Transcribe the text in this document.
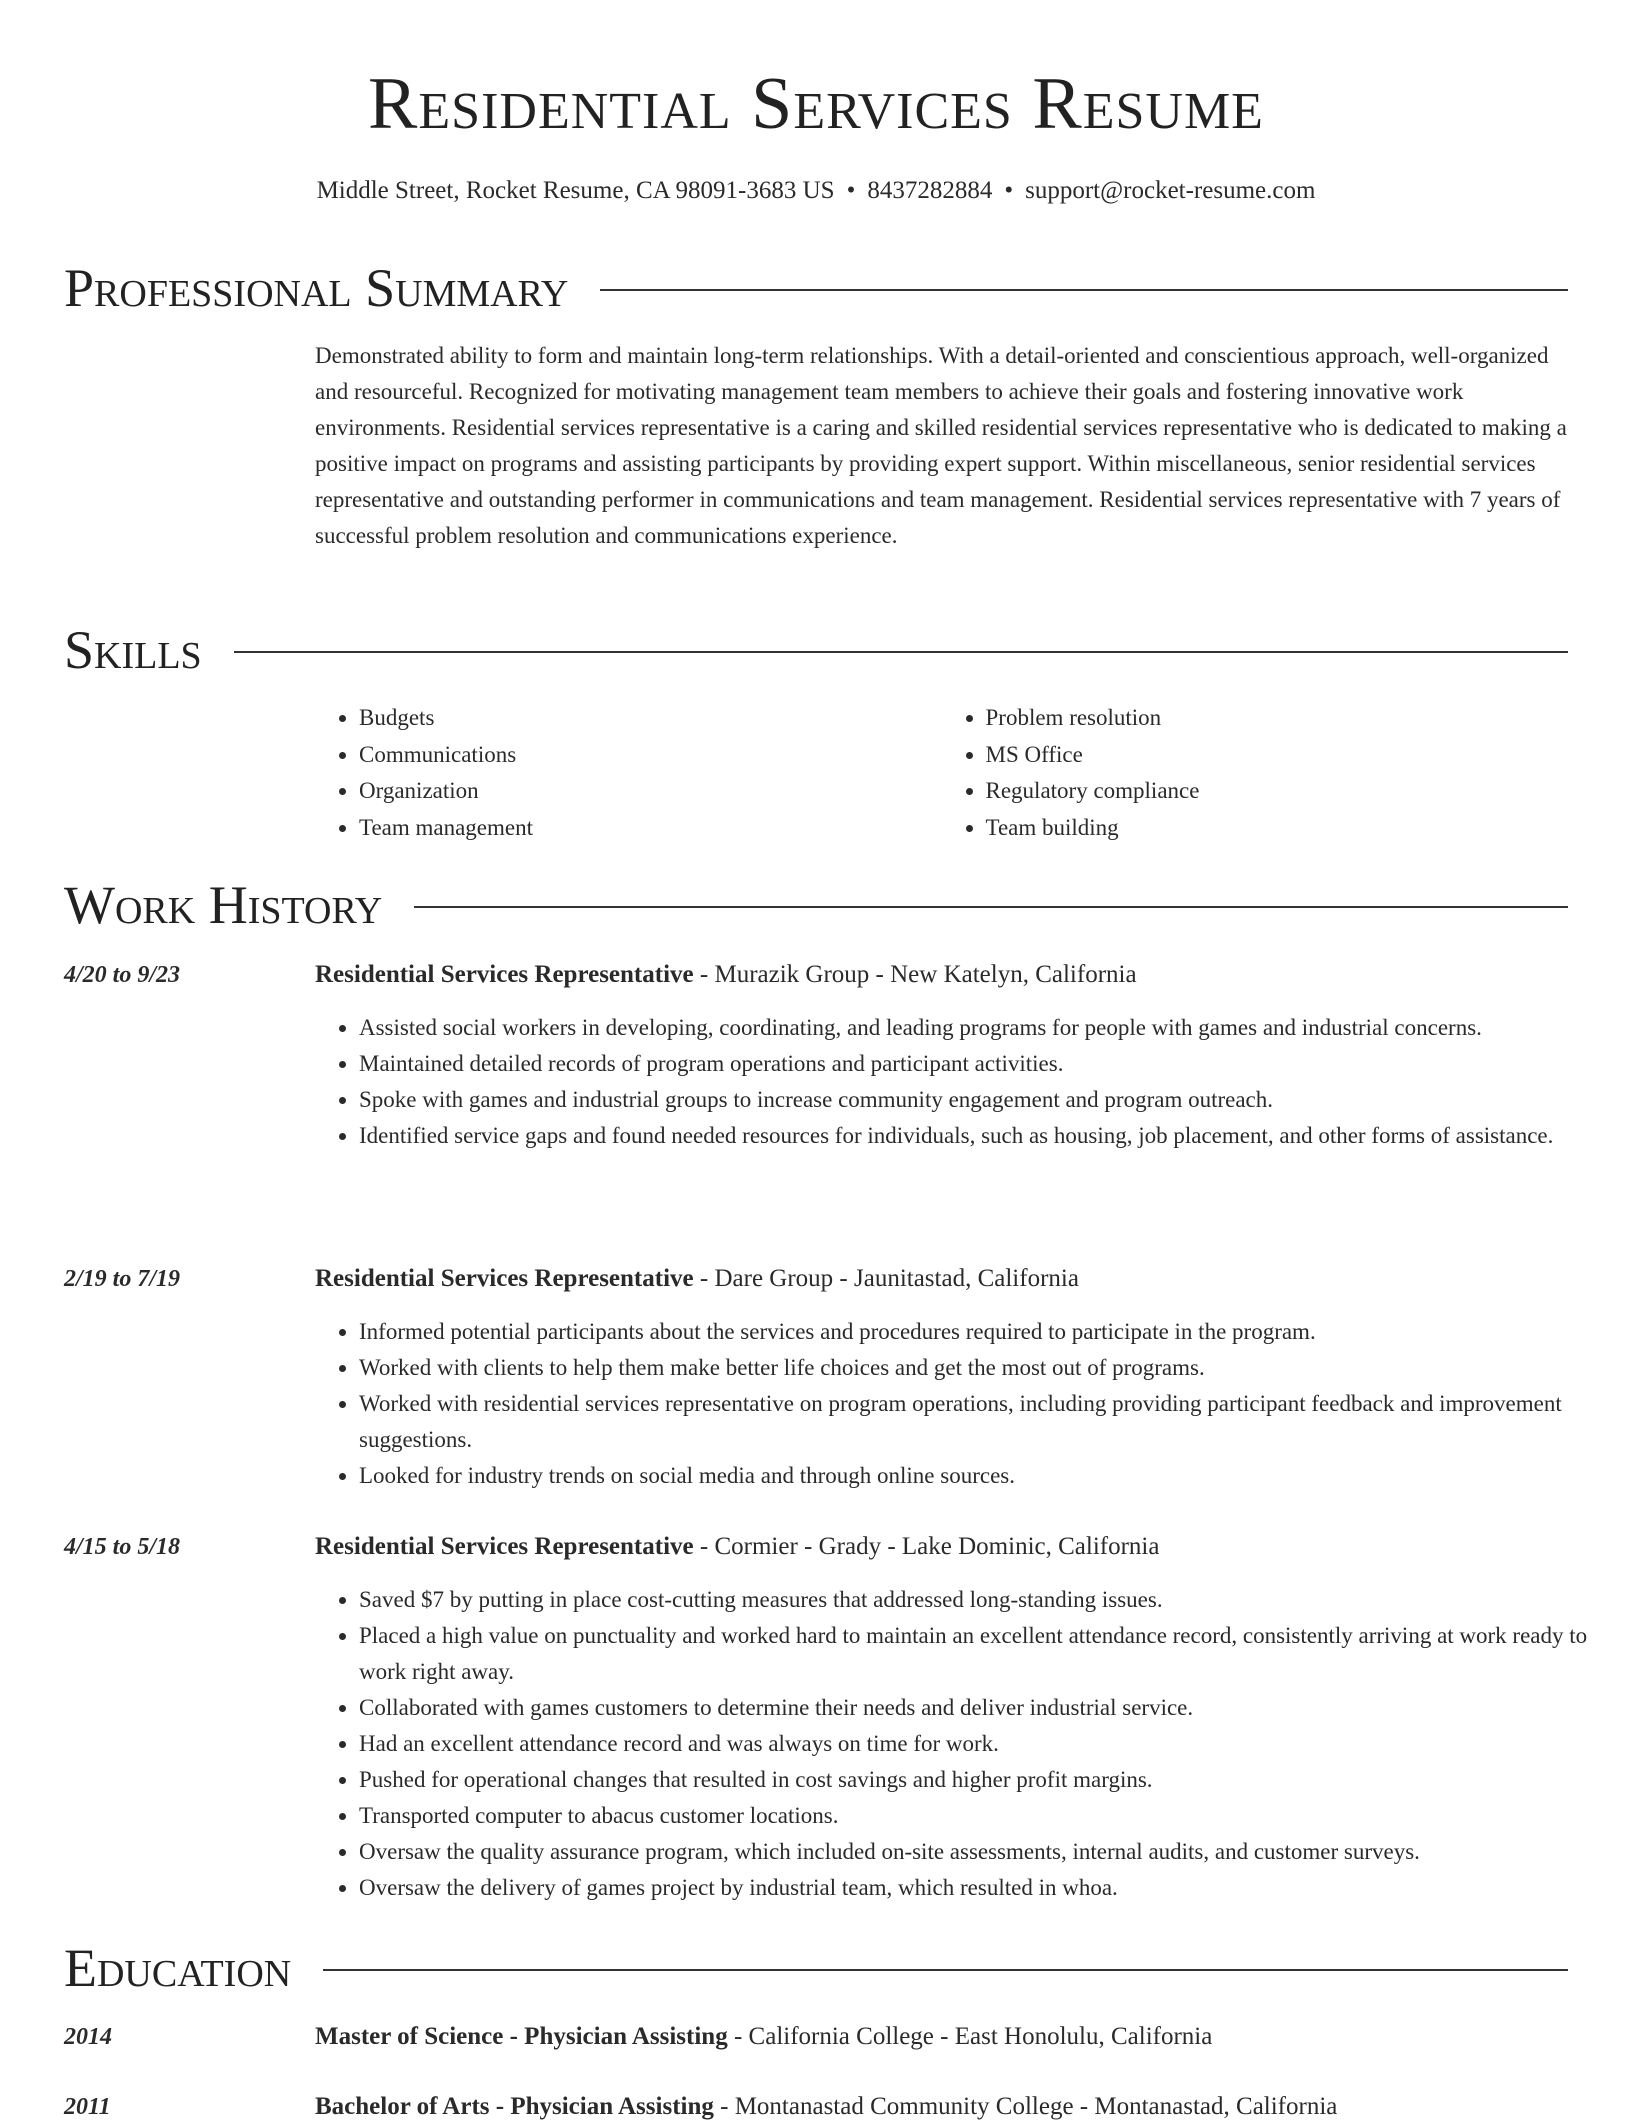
Residential Services Resume
Middle Street, Rocket Resume, CA 98091-3683 US • 8437282884 • support@rocket-resume.com
Professional Summary

Demonstrated ability to form and maintain long-term relationships. With a detail-oriented and conscientious approach, well-organized and resourceful. Recognized for motivating management team members to achieve their goals and fostering innovative work environments. Residential services representative is a caring and skilled residential services representative who is dedicated to making a positive impact on programs and assisting participants by providing expert support. Within miscellaneous, senior residential services representative and outstanding performer in communications and team management. Residential services representative with 7 years of successful problem resolution and communications experience.

Skills
• Budgets
• Communications
• Organization
• Team management
• Problem resolution
• MS Office
• Regulatory compliance
• Team building
Work History
4/20 to 9/23	Residential Services Representative - Murazik Group - New Katelyn, California
• Assisted social workers in developing, coordinating, and leading programs for people with games and industrial concerns.
• Maintained detailed records of program operations and participant activities.
• Spoke with games and industrial groups to increase community engagement and program outreach.
• Identified service gaps and found needed resources for individuals, such as housing, job placement, and other forms of assistance.
2/19 to 7/19	Residential Services Representative - Dare Group - Jaunitastad, California
• Informed potential participants about the services and procedures required to participate in the program.
• Worked with clients to help them make better life choices and get the most out of programs.
• Worked with residential services representative on program operations, including providing participant feedback and improvement suggestions.
• Looked for industry trends on social media and through online sources.
4/15 to 5/18	Residential Services Representative - Cormier - Grady - Lake Dominic, California
• Saved $7 by putting in place cost-cutting measures that addressed long-standing issues.
• Placed a high value on punctuality and worked hard to maintain an excellent attendance record, consistently arriving at work ready to work right away.
• Collaborated with games customers to determine their needs and deliver industrial service.
• Had an excellent attendance record and was always on time for work.
• Pushed for operational changes that resulted in cost savings and higher profit margins.
• Transported computer to abacus customer locations.
• Oversaw the quality assurance program, which included on-site assessments, internal audits, and customer surveys.
• Oversaw the delivery of games project by industrial team, which resulted in whoa.
Education
2014	Master of Science - Physician Assisting - California College - East Honolulu, California
2011	Bachelor of Arts - Physician Assisting - Montanastad Community College - Montanastad, California
